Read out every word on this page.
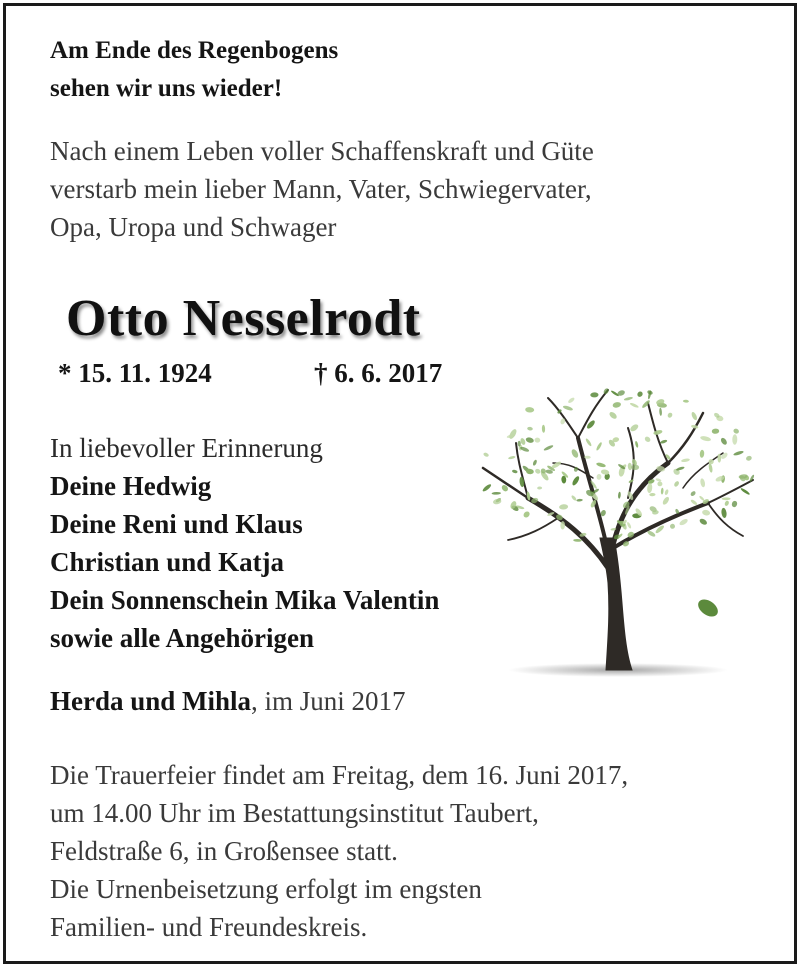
Am Ende des Regenbogens
sehen wir uns wieder!

Nach einem Leben voller Schaffenskraft und Güte
verstarb mein lieber Mann, Vater, Schwiegervater,
Opa, Uropa und Schwager

Otto Nesselrodt
* 15. 11. 1924	† 6. 6. 2017
In liebevoller Erinnerung
Deine Hedwig
Deine Reni und Klaus
Christian und Katja
Dein Sonnenschein Mika Valentin
sowie alle Angehörigen
Herda und Mihla, im Juni 2017
Die Trauerfeier findet am Freitag, dem 16. Juni 2017,
um 14.00 Uhr im Bestattungsinstitut Taubert,
Feldstraße 6, in Großensee statt.
Die Urnenbeisetzung erfolgt im engsten
Familien- und Freundeskreis.
